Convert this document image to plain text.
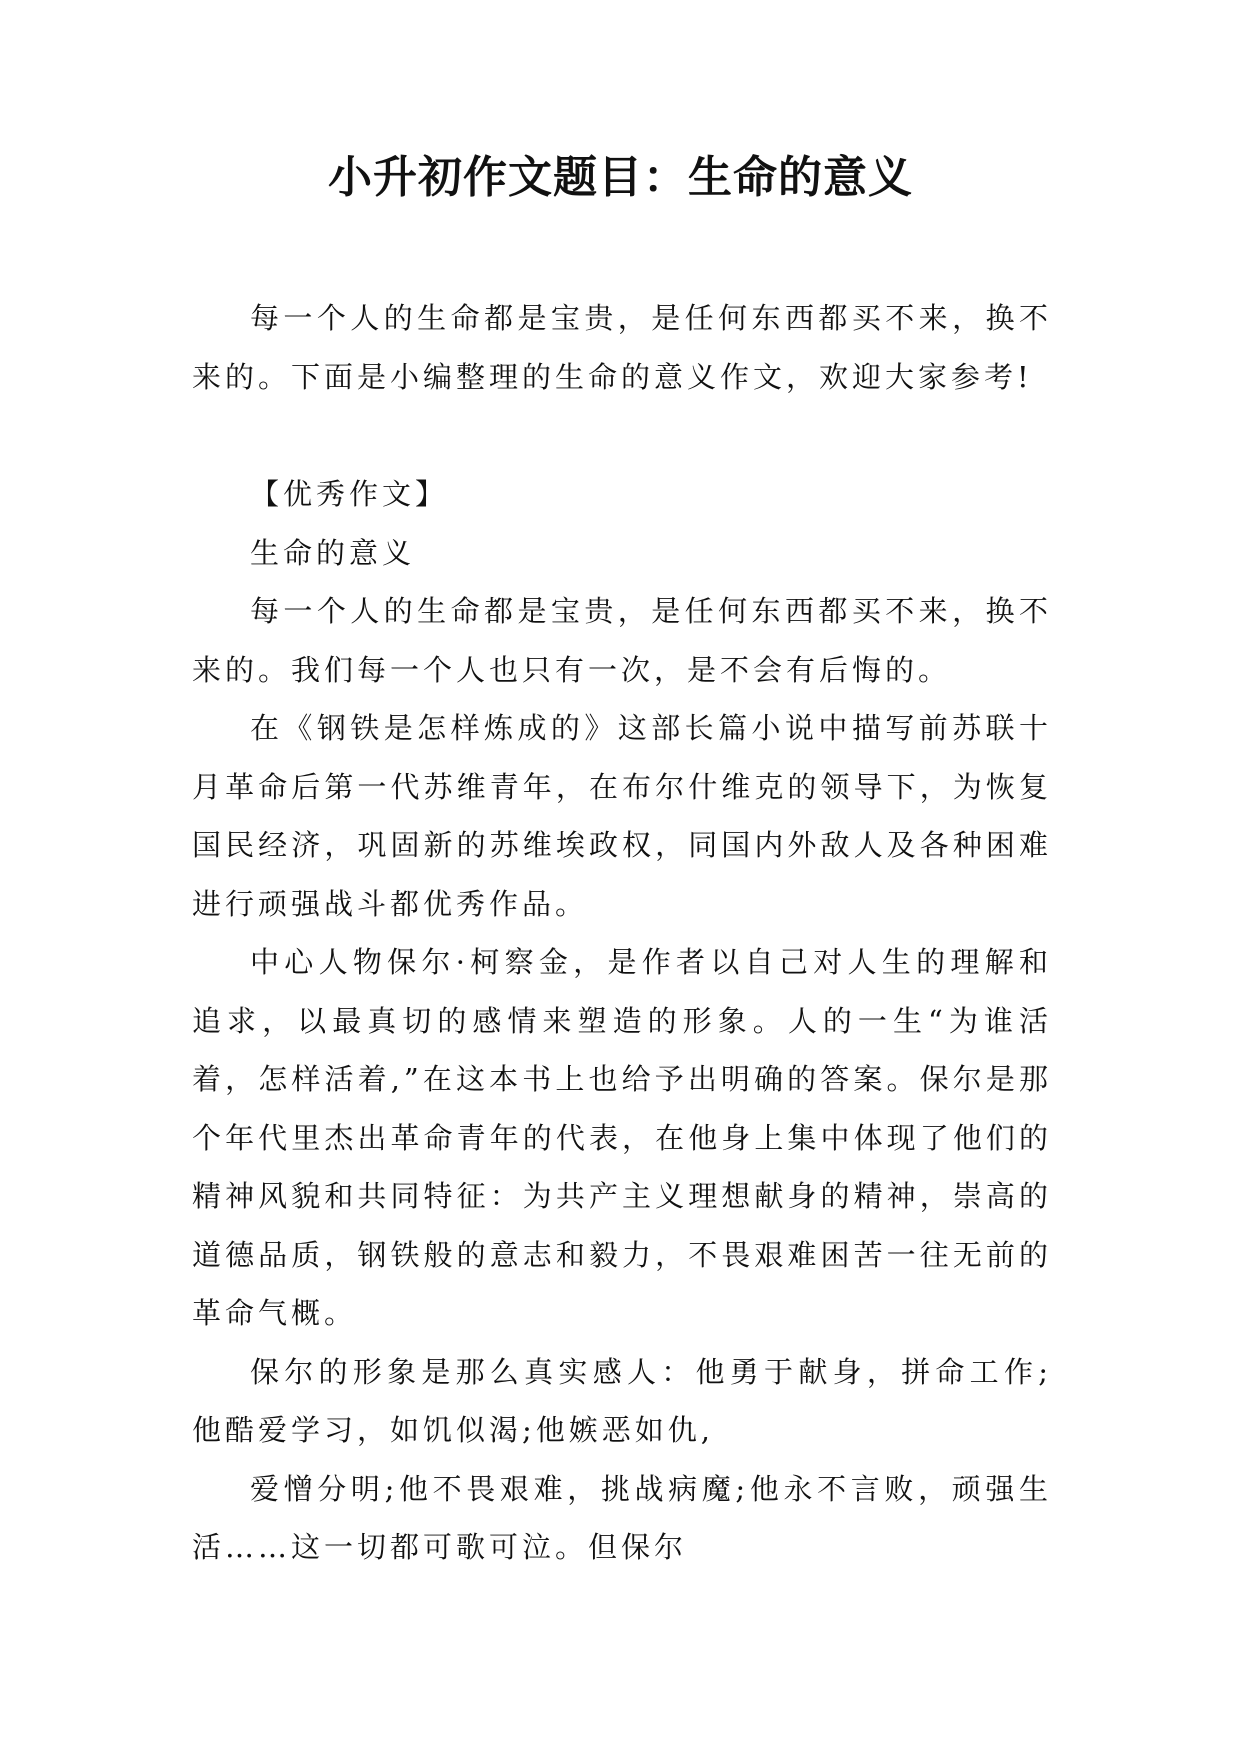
小升初作文题目：生命的意义

每一个人的生命都是宝贵，是任何东西都买不来，换不来的。下面是小编整理的生命的意义作文，欢迎大家参考!

【优秀作文】

生命的意义

每一个人的生命都是宝贵，是任何东西都买不来，换不来的。我们每一个人也只有一次，是不会有后悔的。

在《钢铁是怎样炼成的》这部长篇小说中描写前苏联十月革命后第一代苏维青年，在布尔什维克的领导下，为恢复国民经济，巩固新的苏维埃政权，同国内外敌人及各种困难进行顽强战斗都优秀作品。

中心人物保尔·柯察金，是作者以自己对人生的理解和追求，以最真切的感情来塑造的形象。人的一生“为谁活着，怎样活着,”在这本书上也给予出明确的答案。保尔是那个年代里杰出革命青年的代表，在他身上集中体现了他们的精神风貌和共同特征：为共产主义理想献身的精神，崇高的道德品质，钢铁般的意志和毅力，不畏艰难困苦一往无前的革命气概。

保尔的形象是那么真实感人：他勇于献身，拼命工作;他酷爱学习，如饥似渴;他嫉恶如仇,

爱憎分明;他不畏艰难，挑战病魔;他永不言败，顽强生活……这一切都可歌可泣。但保尔
